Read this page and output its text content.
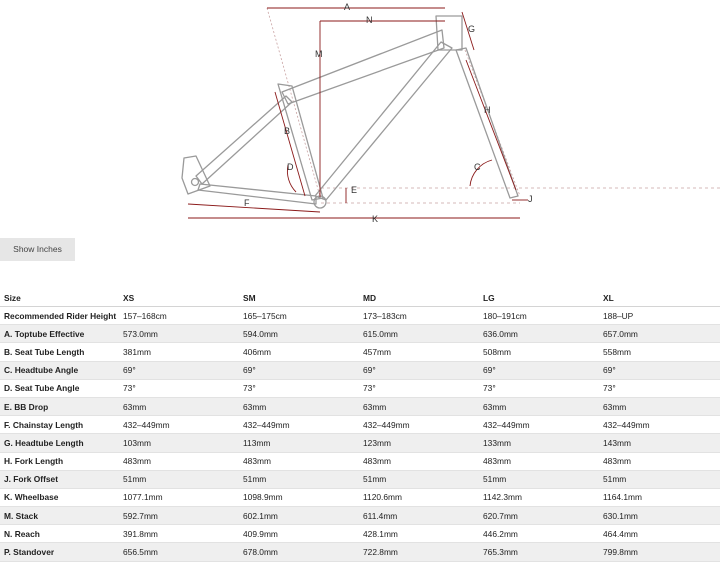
A
N
G
M
B
H
D	C
E
J
F
K
Show Inches
Size	XS	SM	MD	LG	XL
Recommended Rider Height	157–168cm	165–175cm	173–183cm	180–191cm	188–UP
A. Toptube Effective	573.0mm	594.0mm	615.0mm	636.0mm	657.0mm
B. Seat Tube Length	381mm	406mm	457mm	508mm	558mm
C. Headtube Angle	69°	69°	69°	69°	69°
D. Seat Tube Angle	73°	73°	73°	73°	73°
E. BB Drop	63mm	63mm	63mm	63mm	63mm
F. Chainstay Length	432–449mm	432–449mm	432–449mm	432–449mm	432–449mm
G. Headtube Length	103mm	113mm	123mm	133mm	143mm
H. Fork Length	483mm	483mm	483mm	483mm	483mm
J. Fork Offset	51mm	51mm	51mm	51mm	51mm
K. Wheelbase	1077.1mm	1098.9mm	1120.6mm	1142.3mm	1164.1mm
M. Stack	592.7mm	602.1mm	611.4mm	620.7mm	630.1mm
N. Reach	391.8mm	409.9mm	428.1mm	446.2mm	464.4mm
P. Standover	656.5mm	678.0mm	722.8mm	765.3mm	799.8mm
